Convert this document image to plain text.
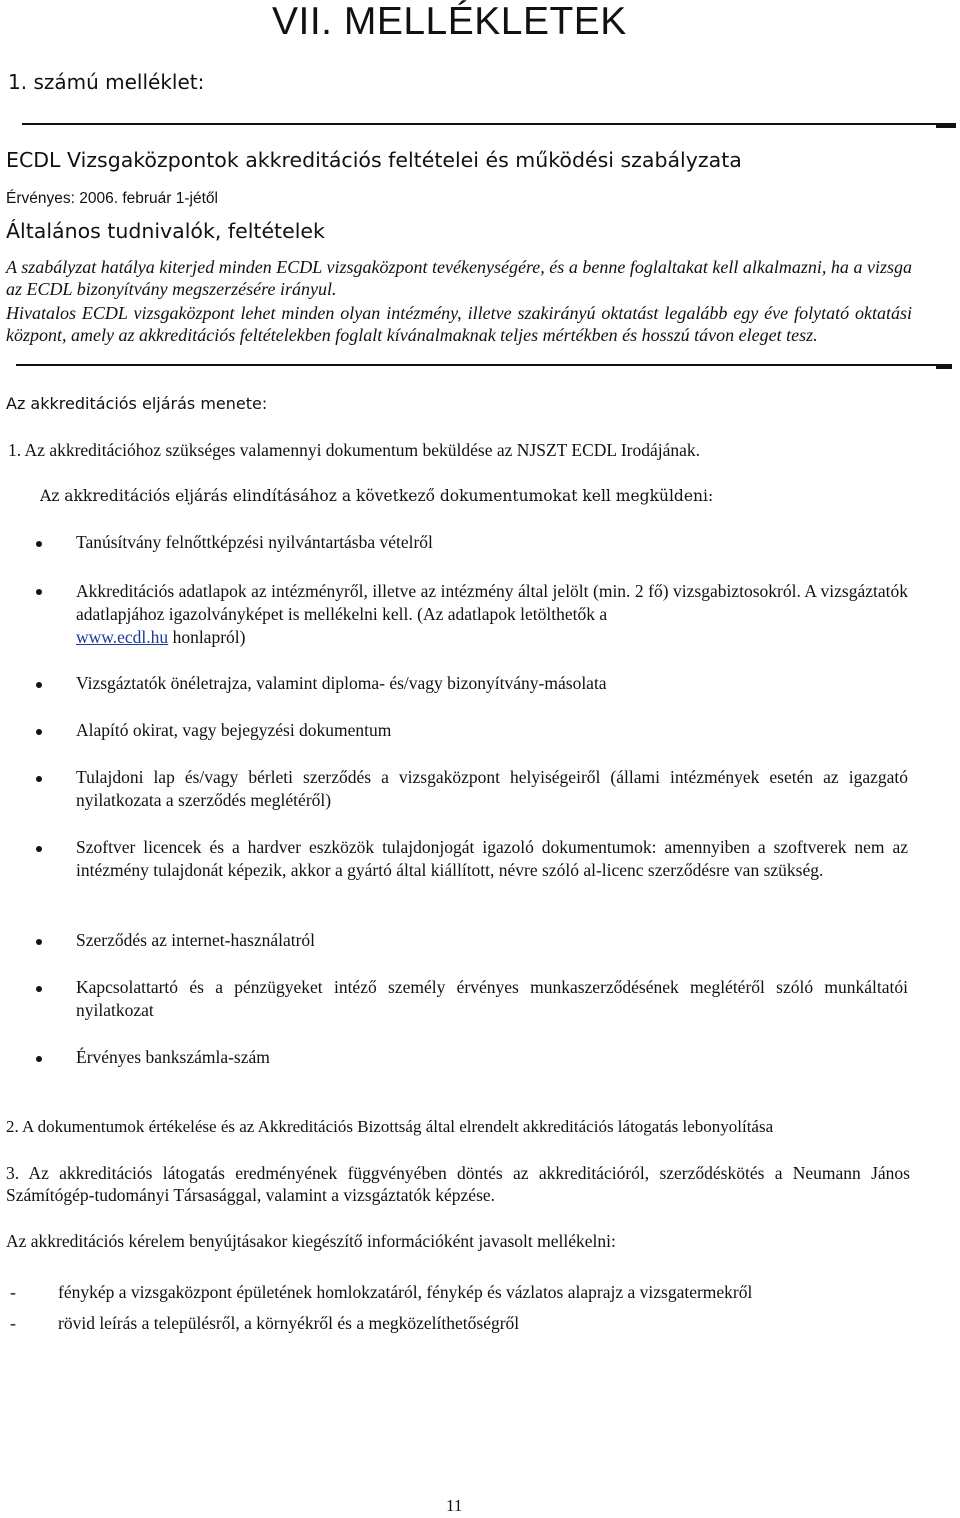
VII. MELLÉKLETEK
1. számú melléklet:
ECDL Vizsgaközpontok akkreditációs feltételei és működési szabályzata
Érvényes: 2006. február 1-jétől
Általános tudnivalók, feltételek
A szabályzat hatálya kiterjed minden ECDL vizsgaközpont tevékenységére, és a benne foglaltakat kell alkalmazni, ha a vizsga az ECDL bizonyítvány megszerzésére irányul.
Hivatalos ECDL vizsgaközpont lehet minden olyan intézmény, illetve szakirányú oktatást legalább egy éve folytató oktatási központ, amely az akkreditációs feltételekben foglalt kívánalmaknak teljes mértékben és hosszú távon eleget tesz.
Az akkreditációs eljárás menete:
1. Az akkreditációhoz szükséges valamennyi dokumentum beküldése az NJSZT ECDL Irodájának.
Az akkreditációs eljárás elindításához a következő dokumentumokat kell megküldeni:
Tanúsítvány felnőttképzési nyilvántartásba vételről
Akkreditációs adatlapok az intézményről, illetve az intézmény által jelölt (min. 2 fő) vizsgabiztosokról. A vizsgáztatók adatlapjához igazolványképet is mellékelni kell. (Az adatlapok letölthetők a
www.ecdl.hu honlapról)
Vizsgáztatók önéletrajza, valamint diploma- és/vagy bizonyítvány-másolata
Alapító okirat, vagy bejegyzési dokumentum
Tulajdoni lap és/vagy bérleti szerződés a vizsgaközpont helyiségeiről (állami intézmények esetén az igazgató nyilatkozata a szerződés meglétéről)
Szoftver licencek és a hardver eszközök tulajdonjogát igazoló dokumentumok: amennyiben a szoftverek nem az intézmény tulajdonát képezik, akkor a gyártó által kiállított, névre szóló al-licenc szerződésre van szükség.
Szerződés az internet-használatról
Kapcsolattartó és a pénzügyeket intéző személy érvényes munkaszerződésének meglétéről szóló munkáltatói nyilatkozat
Érvényes bankszámla-szám
2. A dokumentumok értékelése és az Akkreditációs Bizottság által elrendelt akkreditációs látogatás lebonyolítása
3. Az akkreditációs látogatás eredményének függvényében döntés az akkreditációról, szerződéskötés a Neumann János Számítógép-tudományi Társasággal, valamint a vizsgáztatók képzése.
Az akkreditációs kérelem benyújtásakor kiegészítő információként javasolt mellékelni:
- fénykép a vizsgaközpont épületének homlokzatáról, fénykép és vázlatos alaprajz a vizsgatermekről
- rövid leírás a településről, a környékről és a megközelíthetőségről
11
